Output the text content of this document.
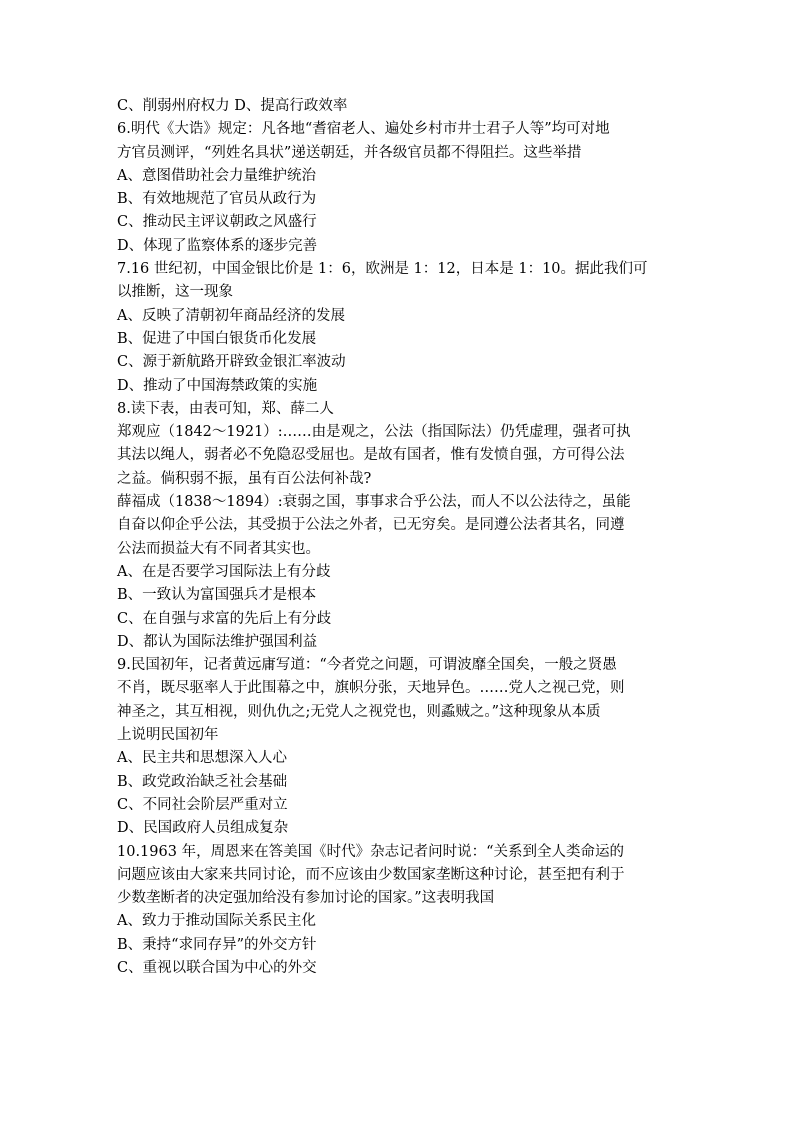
C、削弱州府权力 D、提高行政效率
6.明代《大诰》规定：凡各地“耆宿老人、遍处乡村市井士君子人等”均可对地
方官员测评，“列姓名具状”递送朝廷，并各级官员都不得阻拦。这些举措
A、意图借助社会力量维护统治
B、有效地规范了官员从政行为
C、推动民主评议朝政之风盛行
D、体现了监察体系的逐步完善
7.16 世纪初，中国金银比价是 1：6，欧洲是 1：12，日本是 1：10。据此我们可
以推断，这一现象
A、反映了清朝初年商品经济的发展
B、促进了中国白银货币化发展
C、源于新航路开辟致金银汇率波动
D、推动了中国海禁政策的实施
8.读下表，由表可知，郑、薛二人
郑观应（1842～1921）:……由是观之，公法（指国际法）仍凭虚理，强者可执
其法以绳人，弱者必不免隐忍受屈也。是故有国者，惟有发愤自强，方可得公法
之益。倘积弱不振，虽有百公法何补哉?
薛福成（1838～1894）:衰弱之国，事事求合乎公法，而人不以公法待之，虽能
自奋以仰企乎公法，其受损于公法之外者，已无穷矣。是同遵公法者其名，同遵
公法而损益大有不同者其实也。
A、在是否要学习国际法上有分歧
B、一致认为富国强兵才是根本
C、在自强与求富的先后上有分歧
D、都认为国际法维护强国利益
9.民国初年，记者黄远庸写道：“今者党之问题，可谓波靡全国矣，一般之贤愚
不肖，既尽驱率人于此围幕之中，旗帜分张，天地异色。……党人之视己党，则
神圣之，其互相视，则仇仇之;无党人之视党也，则蟊贼之。”这种现象从本质
上说明民国初年
A、民主共和思想深入人心
B、政党政治缺乏社会基础
C、不同社会阶层严重对立
D、民国政府人员组成复杂
10.1963 年，周恩来在答美国《时代》杂志记者问时说：“关系到全人类命运的
问题应该由大家来共同讨论，而不应该由少数国家垄断这种讨论，甚至把有利于
少数垄断者的决定强加给没有参加讨论的国家。”这表明我国
A、致力于推动国际关系民主化
B、秉持“求同存异”的外交方针
C、重视以联合国为中心的外交
